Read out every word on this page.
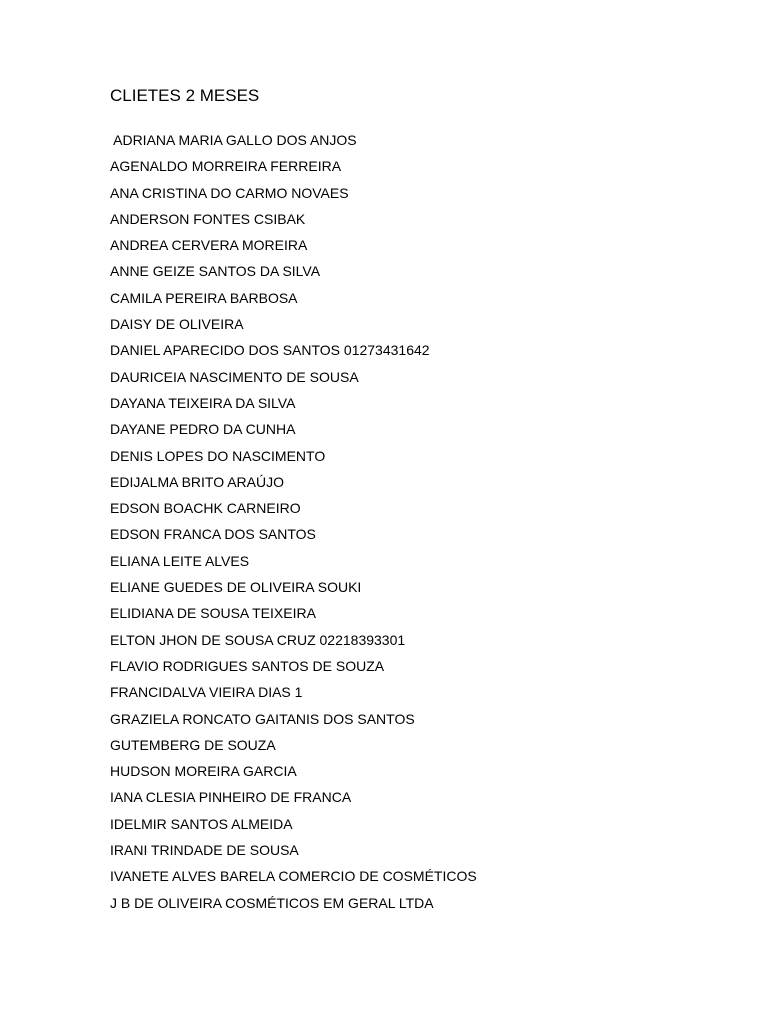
CLIETES 2 MESES
ADRIANA MARIA GALLO DOS ANJOS
AGENALDO MORREIRA FERREIRA
ANA CRISTINA DO CARMO NOVAES
ANDERSON FONTES CSIBAK
ANDREA CERVERA MOREIRA
ANNE GEIZE SANTOS DA SILVA
CAMILA PEREIRA BARBOSA
DAISY DE OLIVEIRA
DANIEL APARECIDO DOS SANTOS 01273431642
DAURICEIA NASCIMENTO DE SOUSA
DAYANA TEIXEIRA DA SILVA
DAYANE PEDRO DA CUNHA
DENIS LOPES DO NASCIMENTO
EDIJALMA BRITO ARAÚJO
EDSON BOACHK CARNEIRO
EDSON FRANCA DOS SANTOS
ELIANA LEITE ALVES
ELIANE GUEDES DE OLIVEIRA SOUKI
ELIDIANA DE SOUSA TEIXEIRA
ELTON JHON DE SOUSA CRUZ 02218393301
FLAVIO RODRIGUES SANTOS DE SOUZA
FRANCIDALVA VIEIRA DIAS 1
GRAZIELA RONCATO GAITANIS DOS SANTOS
GUTEMBERG DE SOUZA
HUDSON MOREIRA GARCIA
IANA CLESIA PINHEIRO DE FRANCA
IDELMIR SANTOS ALMEIDA
IRANI TRINDADE DE SOUSA
IVANETE ALVES BARELA COMERCIO DE COSMÉTICOS
J B DE OLIVEIRA COSMÉTICOS EM GERAL LTDA
